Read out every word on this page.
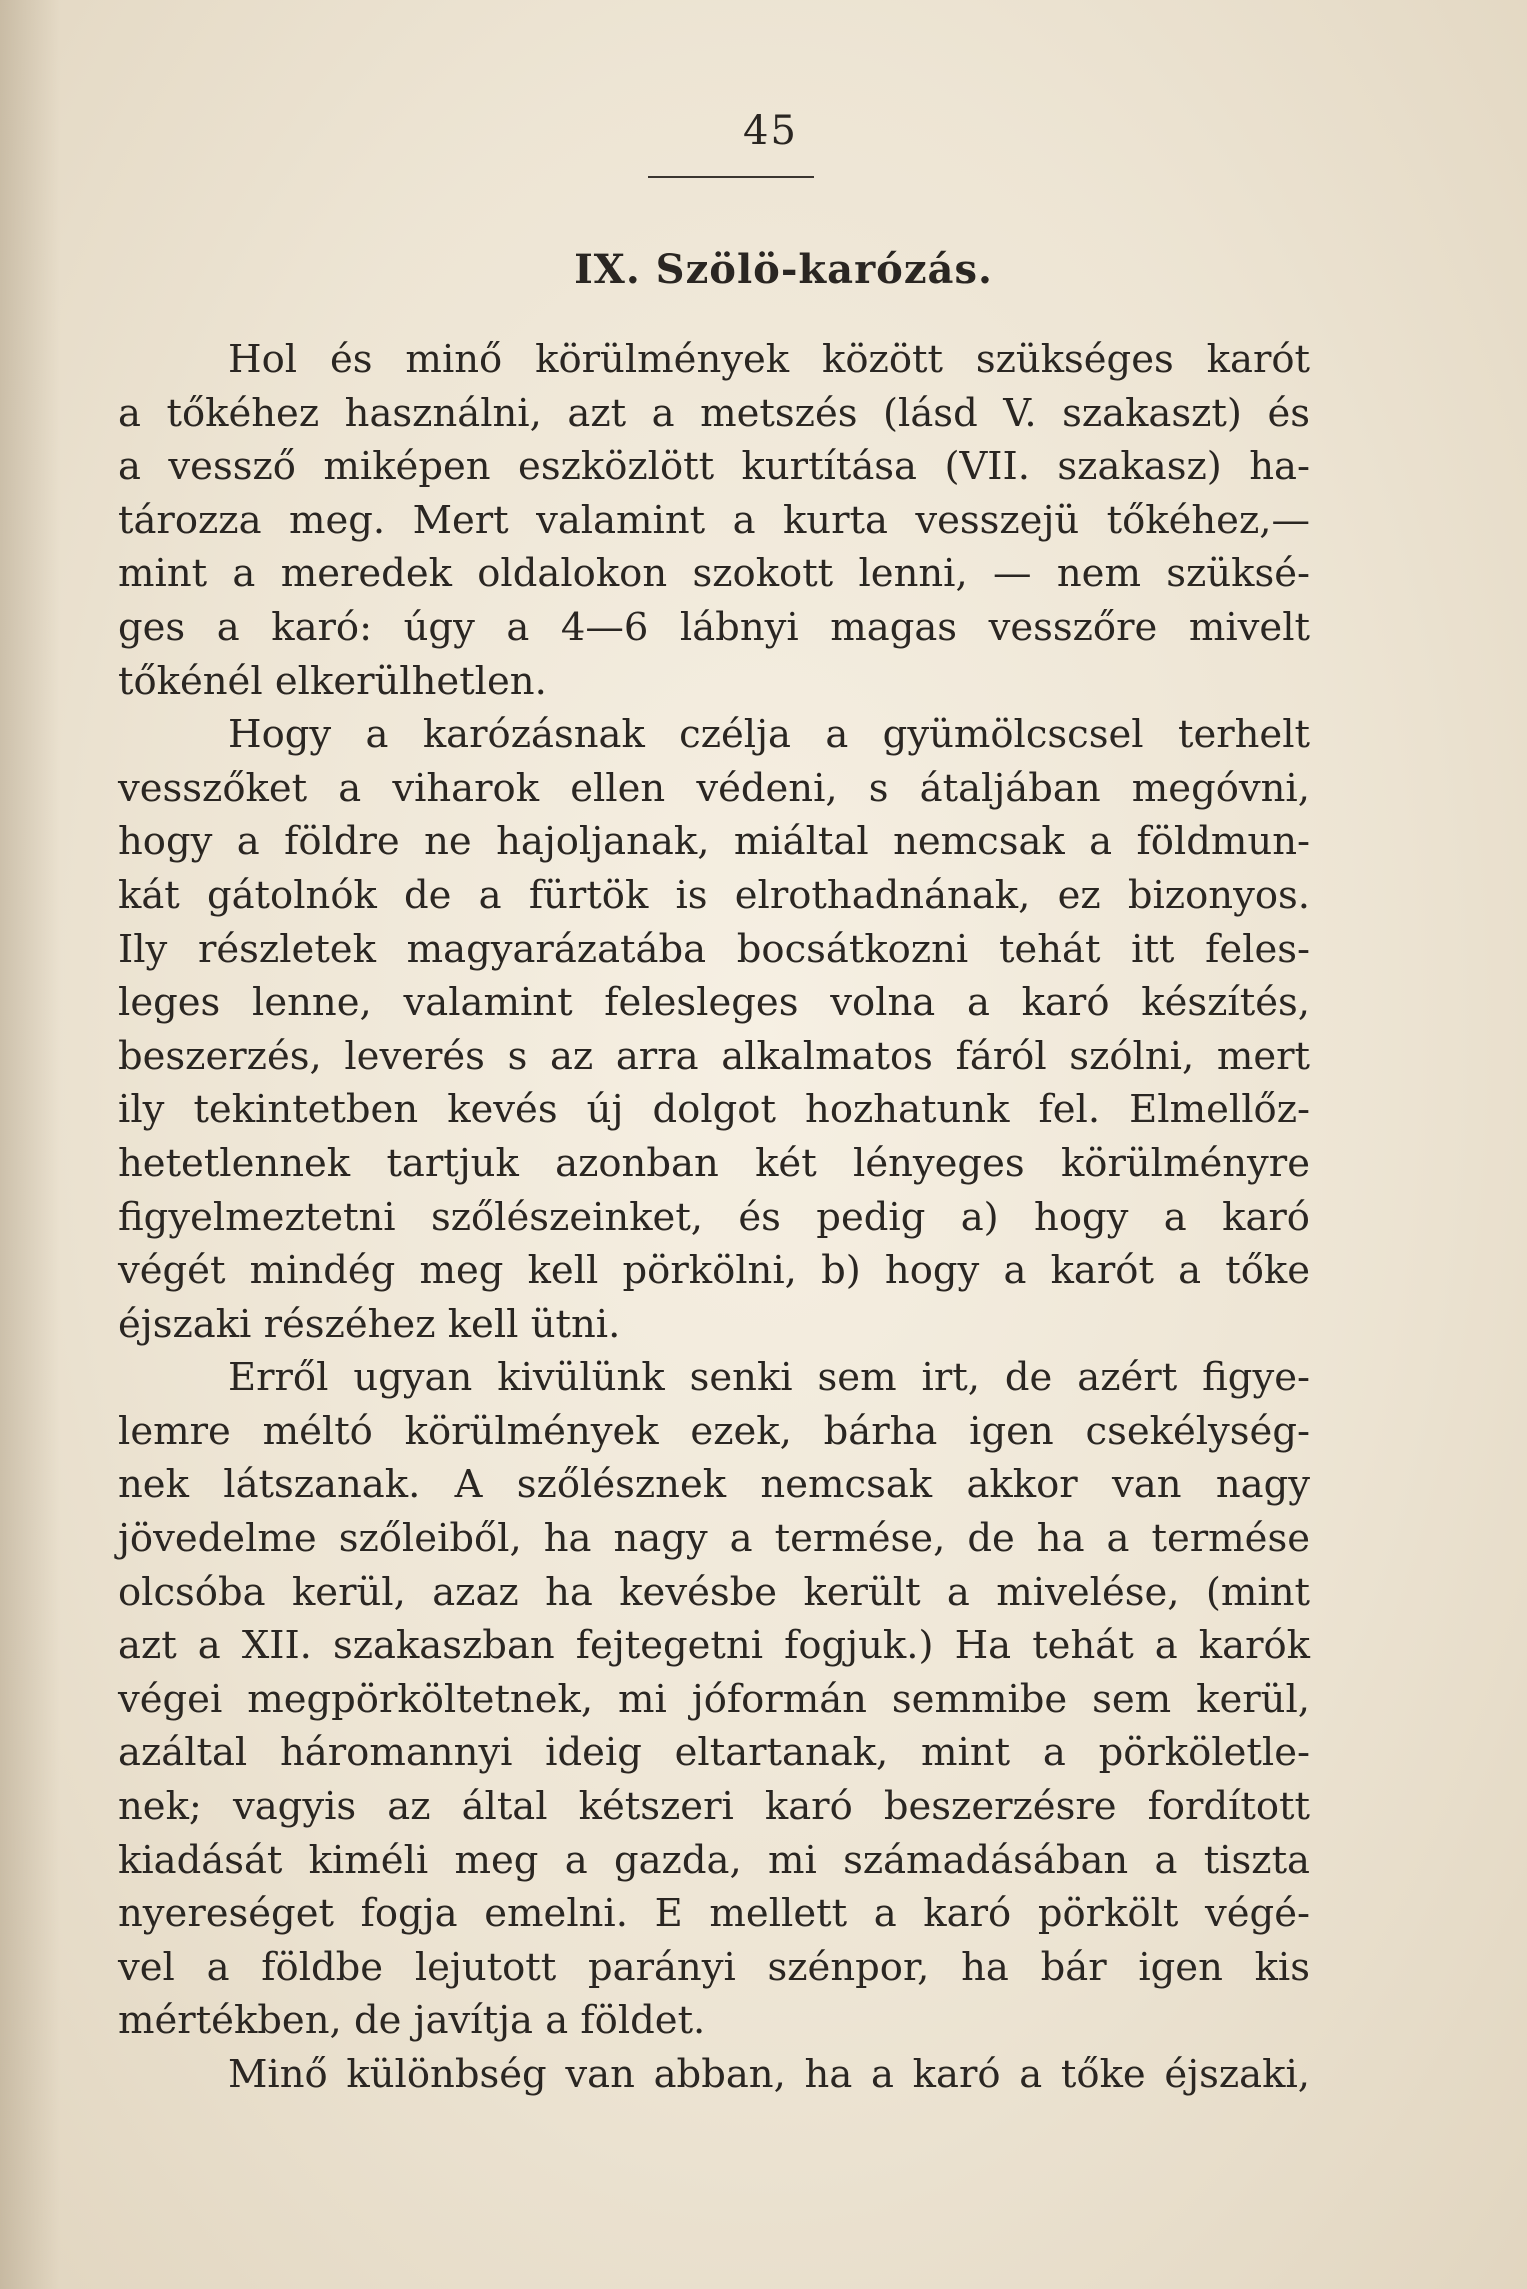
45
IX. Szölö-karózás.
Hol és minő körülmények között szükséges karót
a tőkéhez használni, azt a metszés (lásd V. szakaszt) és
a vessző miképen eszközlött kurtítása (VII. szakasz) ha-
tározza meg. Mert valamint a kurta vesszejü tőkéhez,—
mint a meredek oldalokon szokott lenni, — nem szüksé-
ges a karó: úgy a 4—6 lábnyi magas vesszőre mivelt
tőkénél elkerülhetlen.
Hogy a karózásnak czélja a gyümölcscsel terhelt
vesszőket a viharok ellen védeni, s átaljában megóvni,
hogy a földre ne hajoljanak, miáltal nemcsak a földmun-
kát gátolnók de a fürtök is elrothadnának, ez bizonyos.
Ily részletek magyarázatába bocsátkozni tehát itt feles-
leges lenne, valamint felesleges volna a karó készítés,
beszerzés, leverés s az arra alkalmatos fáról szólni, mert
ily tekintetben kevés új dolgot hozhatunk fel. Elmellőz-
hetetlennek tartjuk azonban két lényeges körülményre
figyelmeztetni szőlészeinket, és pedig a) hogy a karó
végét mindég meg kell pörkölni, b) hogy a karót a tőke
éjszaki részéhez kell ütni.
Erről ugyan kivülünk senki sem irt, de azért figye-
lemre méltó körülmények ezek, bárha igen csekélység-
nek látszanak. A szőlésznek nemcsak akkor van nagy
jövedelme szőleiből, ha nagy a termése, de ha a termése
olcsóba kerül, azaz ha kevésbe került a mivelése, (mint
azt a XII. szakaszban fejtegetni fogjuk.) Ha tehát a karók
végei megpörköltetnek, mi jóformán semmibe sem kerül,
azáltal háromannyi ideig eltartanak, mint a pörköletle-
nek; vagyis az által kétszeri karó beszerzésre fordított
kiadását kiméli meg a gazda, mi számadásában a tiszta
nyereséget fogja emelni. E mellett a karó pörkölt végé-
vel a földbe lejutott parányi szénpor, ha bár igen kis
mértékben, de javítja a földet.
Minő különbség van abban, ha a karó a tőke éjszaki,
